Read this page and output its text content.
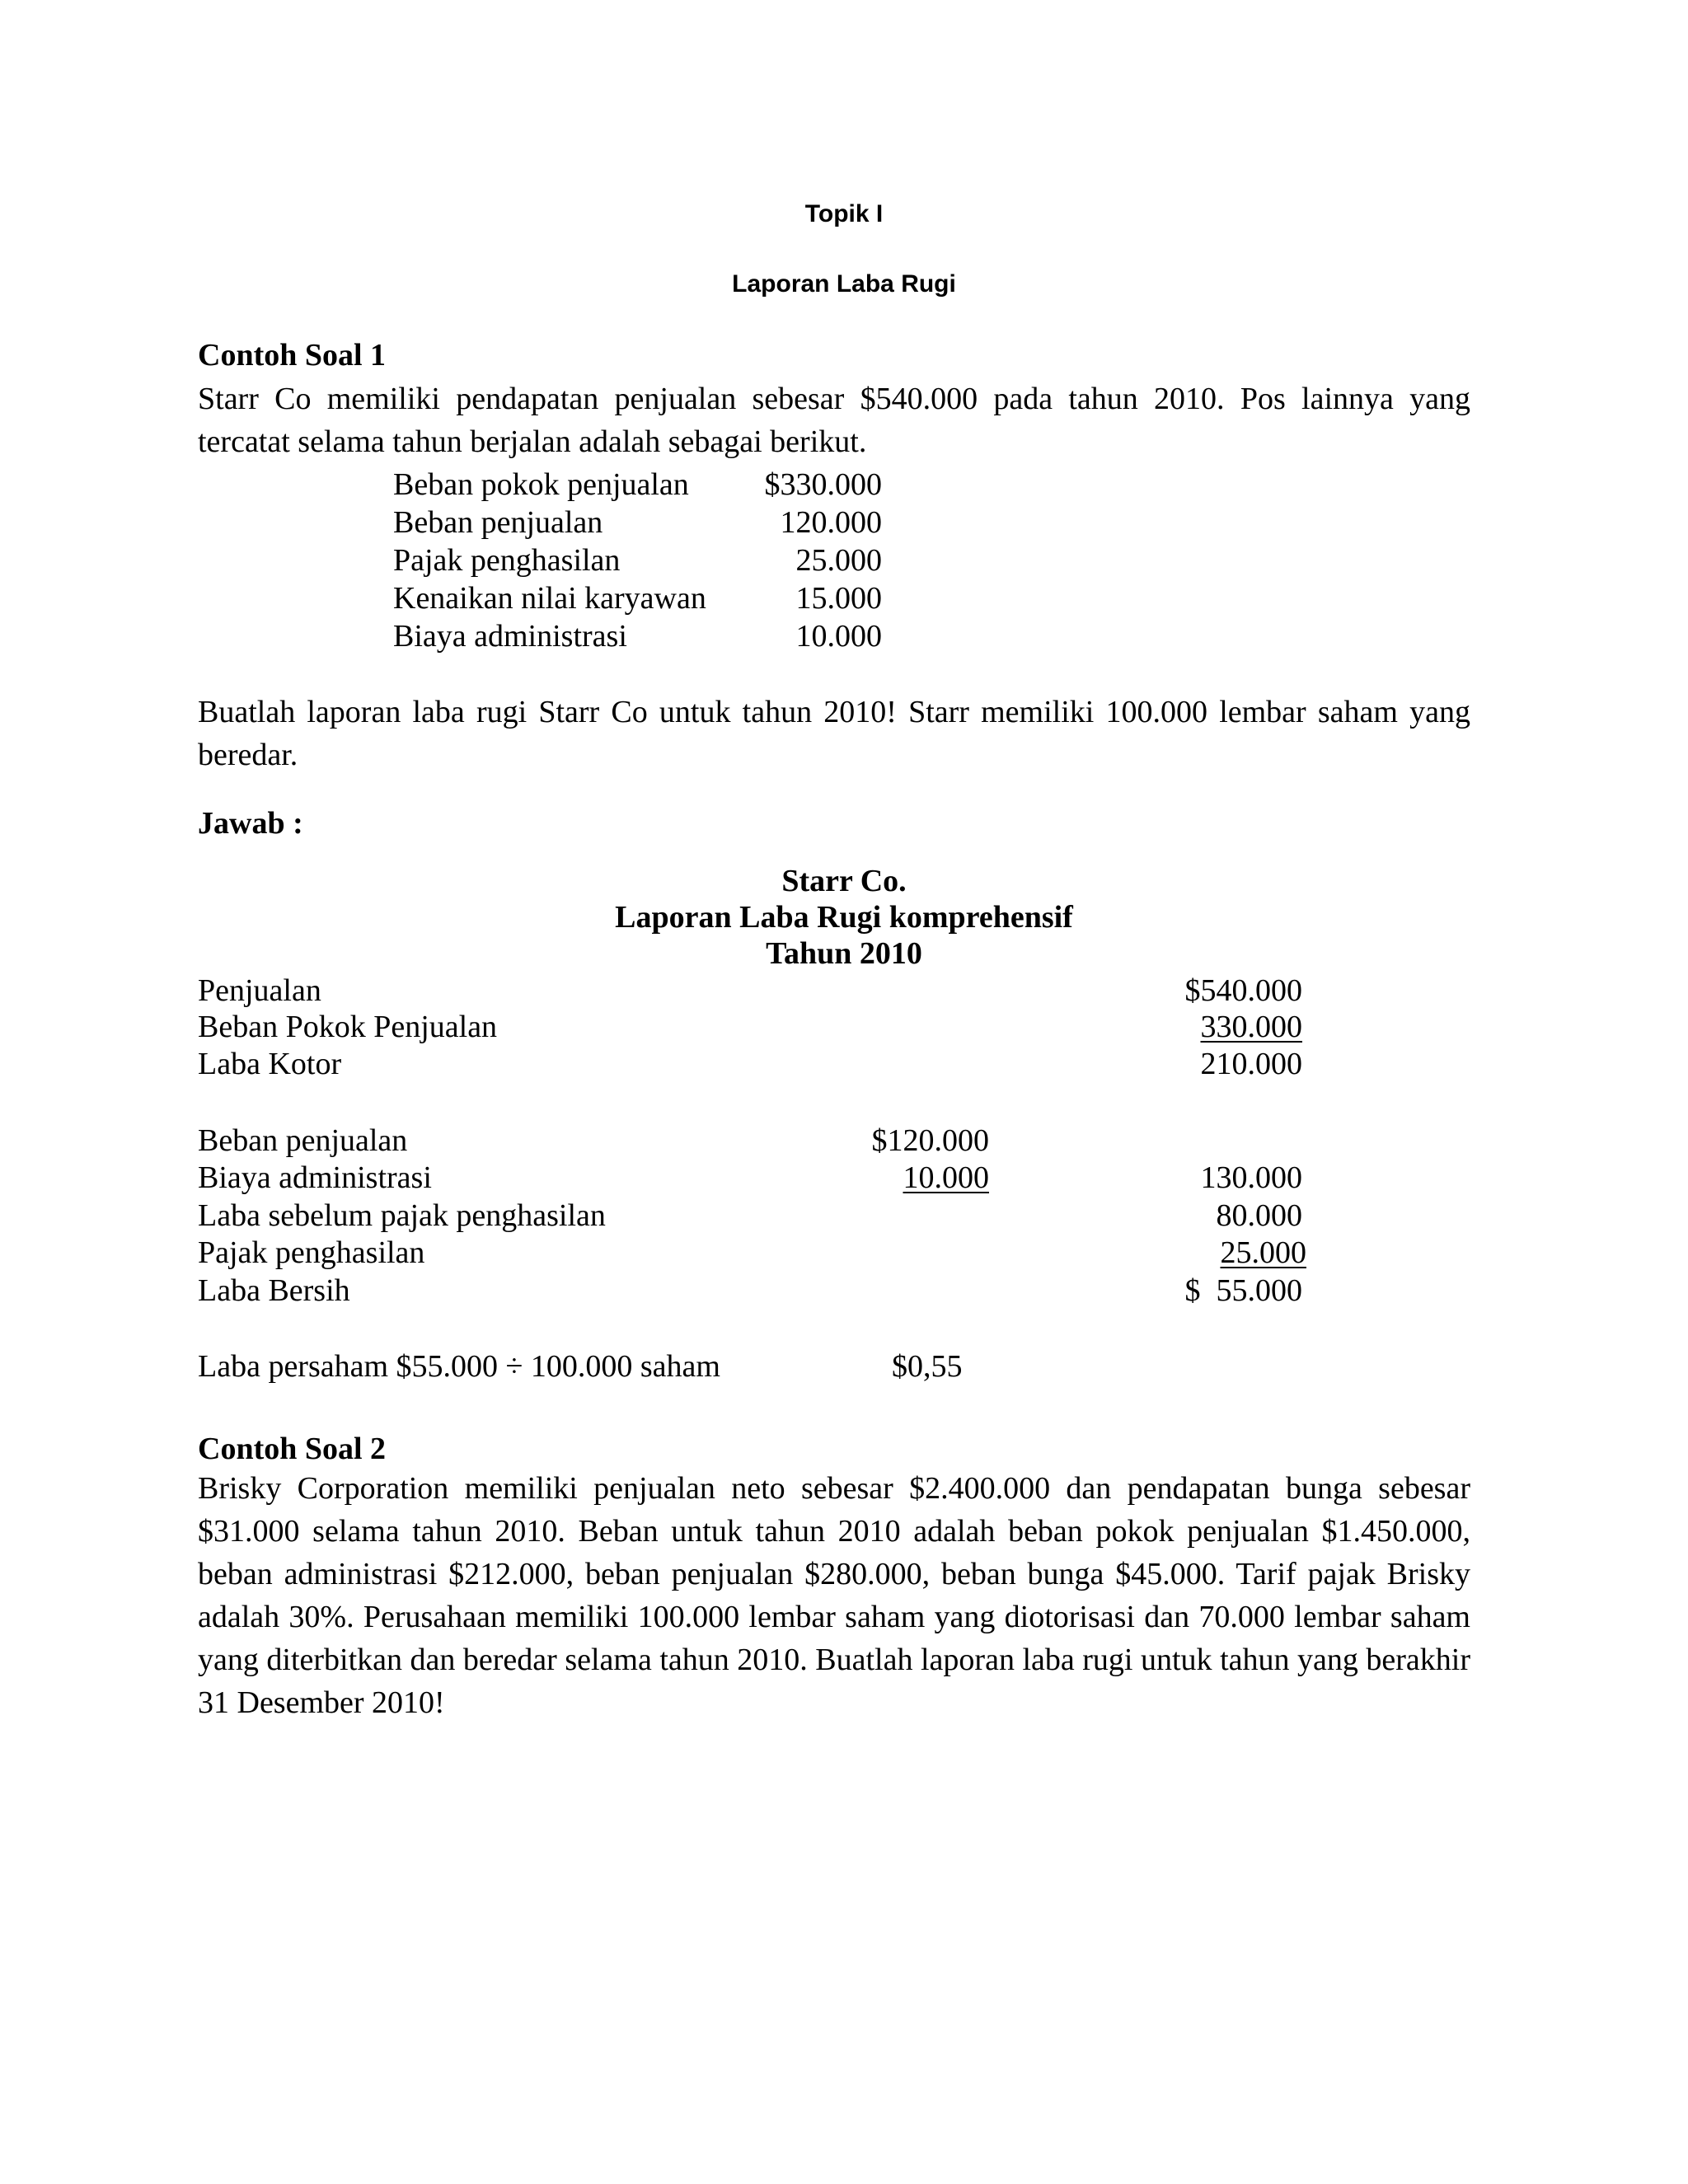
Topik I
Laporan Laba Rugi
Contoh Soal 1
Starr Co memiliki pendapatan penjualan sebesar $540.000 pada tahun 2010. Pos lainnya yang tercatat selama tahun berjalan adalah sebagai berikut.
Beban pokok penjualan	$330.000
Beban penjualan	120.000
Pajak penghasilan	25.000
Kenaikan nilai karyawan	15.000
Biaya administrasi	10.000
Buatlah laporan laba rugi Starr Co untuk tahun 2010! Starr memiliki 100.000 lembar saham yang beredar.
Jawab :
Starr Co.
Laporan Laba Rugi komprehensif
Tahun 2010
Penjualan	$540.000
Beban Pokok Penjualan	330.000
Laba Kotor	210.000
Beban penjualan	$120.000
Biaya administrasi	10.000	130.000
Laba sebelum pajak penghasilan	80.000
Pajak penghasilan	25.000
Laba Bersih	$  55.000
Laba persaham $55.000 ÷ 100.000 saham	$0,55
Contoh Soal 2
Brisky Corporation memiliki penjualan neto sebesar $2.400.000 dan pendapatan bunga sebesar $31.000 selama tahun 2010. Beban untuk tahun 2010 adalah beban pokok penjualan $1.450.000, beban administrasi $212.000, beban penjualan $280.000, beban bunga $45.000. Tarif pajak Brisky adalah 30%. Perusahaan memiliki 100.000 lembar saham yang diotorisasi dan 70.000 lembar saham yang diterbitkan dan beredar selama tahun 2010. Buatlah laporan laba rugi untuk tahun yang berakhir 31 Desember 2010!
